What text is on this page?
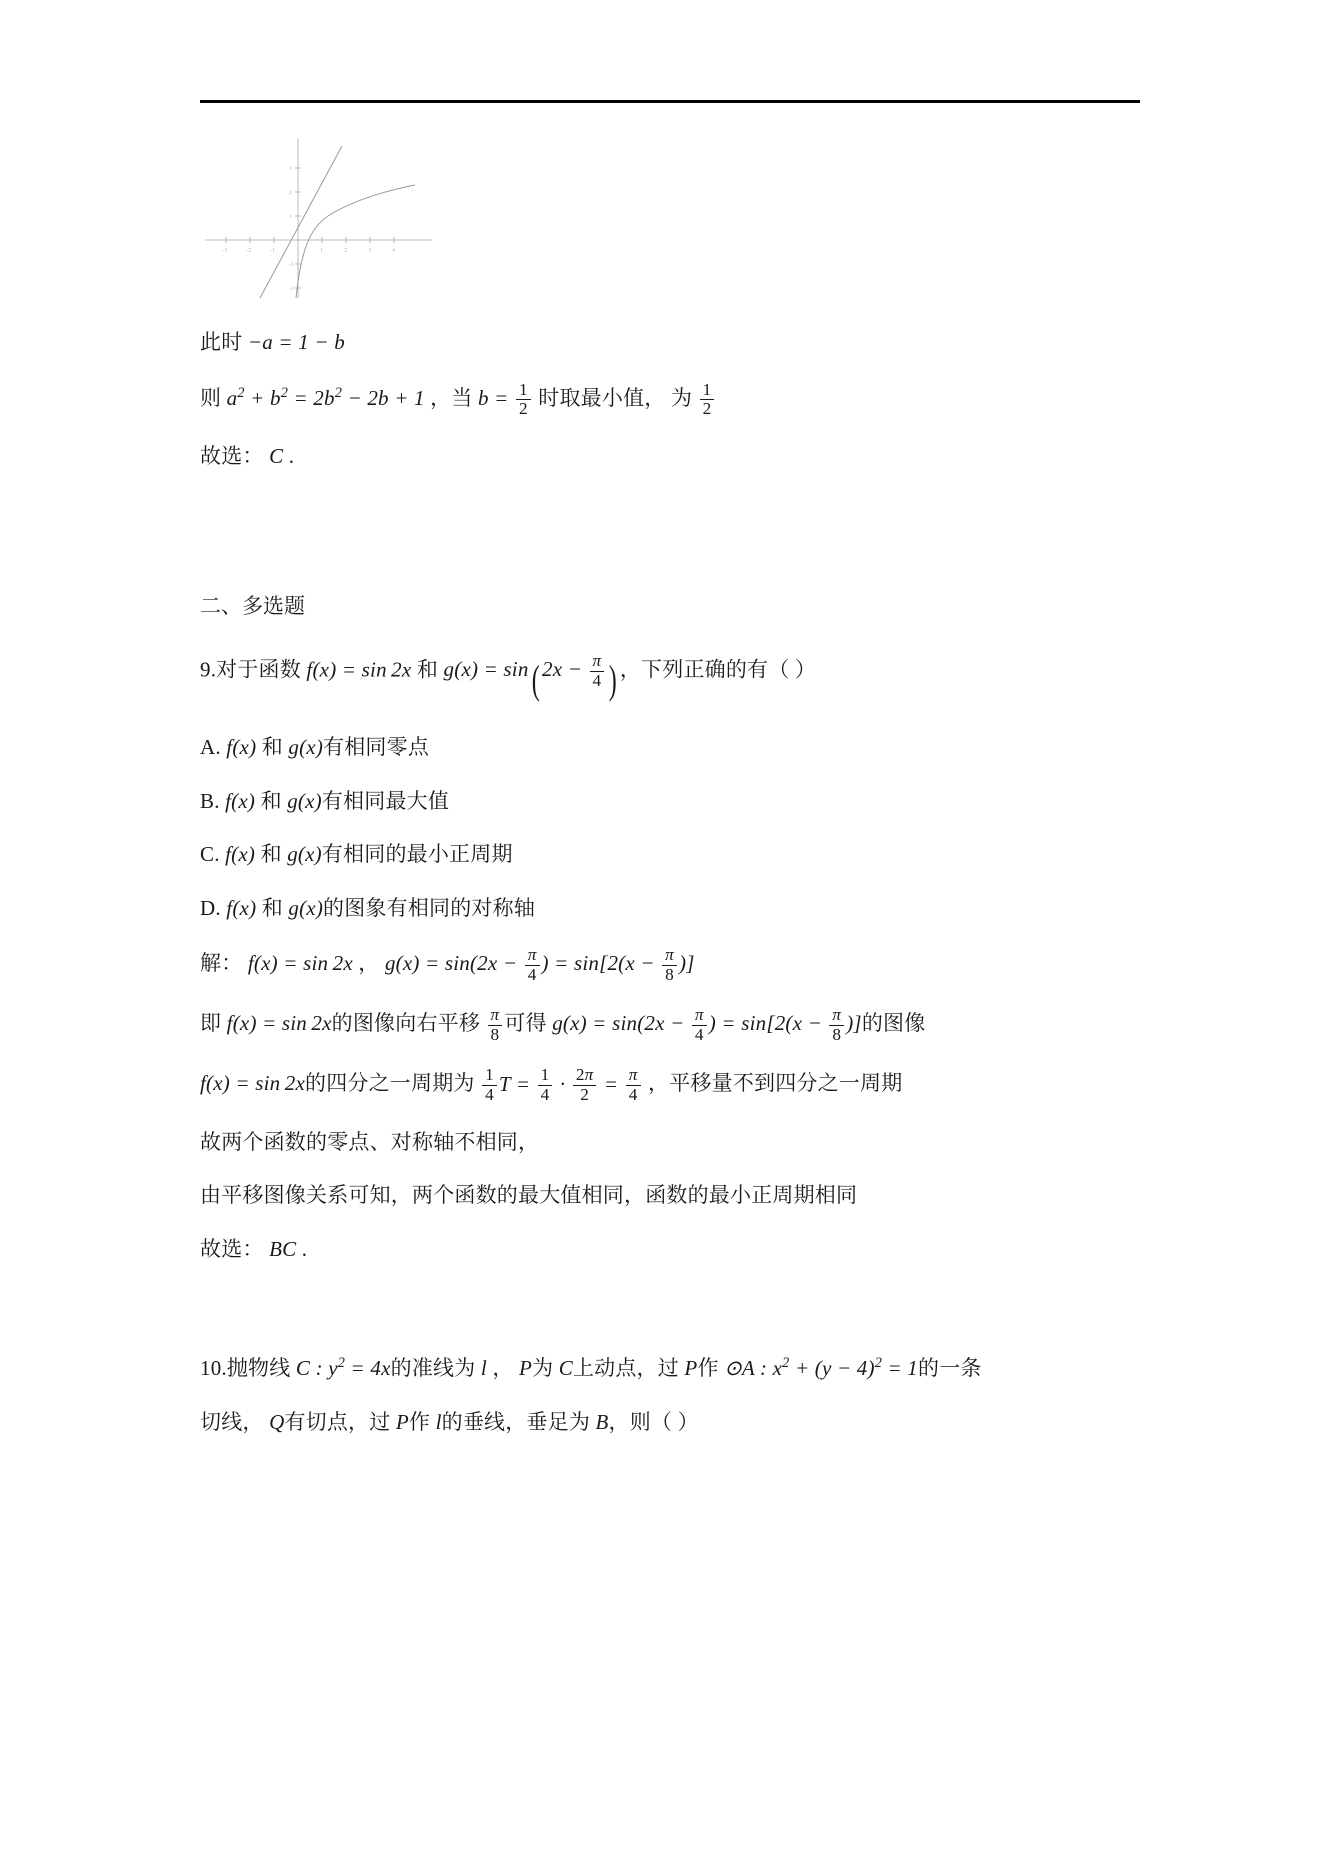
-3	-2	-1	1	2	3	4
3
2
1
-1
-2
此时 −a = 1 − b
则 $a^2 + b^2 = 2b^2 - 2b + 1$ ，当 $b = \frac{1}{2}$ 时取最小值， 为 $\frac{1}{2}$
故选： C .
二、多选题
9.对于函数 f(x) = sin 2x 和 g(x) = sin( $2x - \frac{\pi}{4}$ ) ，下列正确的有（ ）
A. f(x) 和 g(x)有相同零点
B. f(x) 和 g(x)有相同最大值
C. f(x) 和 g(x)有相同的最小正周期
D. f(x) 和 g(x)的图象有相同的对称轴
解： f(x) = sin 2x ， $g(x) = \sin(2x - \frac{\pi}{4}$ ) = $\sin[2(x - \frac{\pi}{8}$ )]
即 f(x) = sin 2x的图像向右平移 $\frac{\pi}{8}$ 可得 $g(x) = \sin(2x - \frac{\pi}{4}$ ) = $\sin[2(x - \frac{\pi}{8}$ )]的图像
f(x) = sin 2x的四分之一周期为 $\frac{1}{4}$ $T = \frac{1}{4} \cdot \frac{2\pi}{2} = \frac{\pi}{4}$ ，平移量不到四分之一周期
故两个函数的零点、对称轴不相同，
由平移图像关系可知，两个函数的最大值相同，函数的最小正周期相同
故选： BC .
10.抛物线 C : $y^2 = 4x$的准线为 l ， P为 C上动点，过 P作 ⊙A : $x^2 + (y - 4)^2 = 1$的一条
切线， Q有切点，过 P作 l的垂线，垂足为 B，则（ ）
